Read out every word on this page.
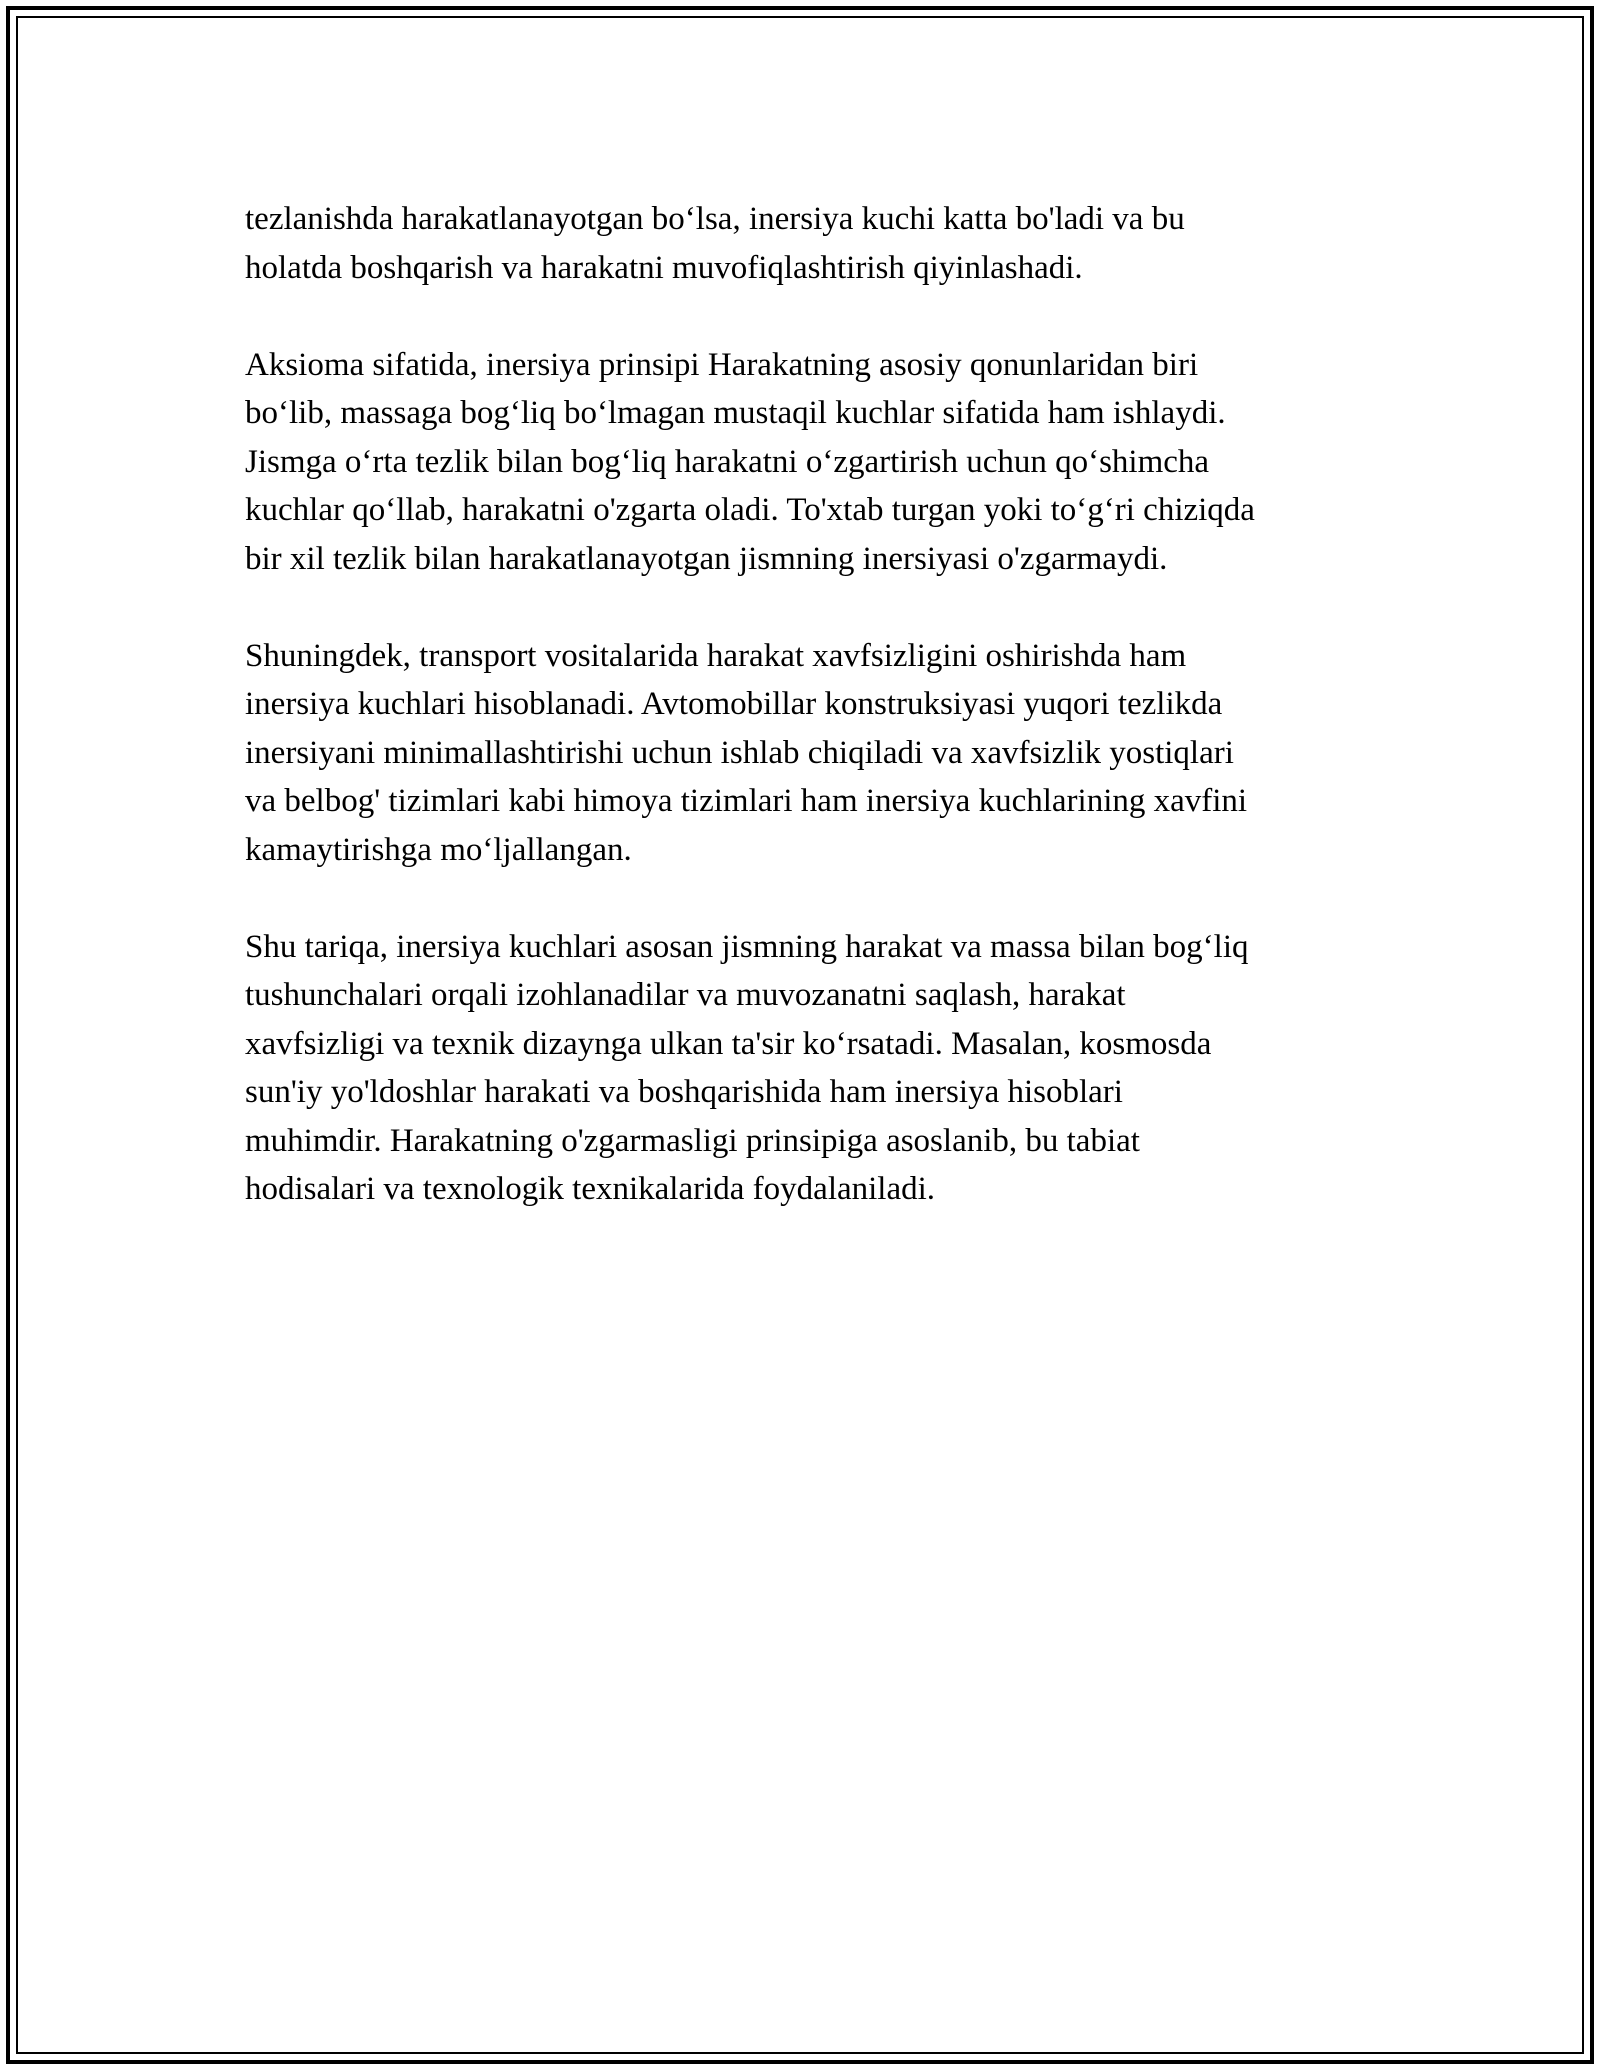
tezlanishda harakatlanayotgan bo‘lsa, inersiya kuchi katta bo'ladi va bu
holatda boshqarish va harakatni muvofiqlashtirish qiyinlashadi.

Aksioma sifatida, inersiya prinsipi Harakatning asosiy qonunlaridan biri
bo‘lib, massaga bog‘liq bo‘lmagan mustaqil kuchlar sifatida ham ishlaydi.
Jismga o‘rta tezlik bilan bog‘liq harakatni o‘zgartirish uchun qo‘shimcha
kuchlar qo‘llab, harakatni o'zgarta oladi. To'xtab turgan yoki to‘g‘ri chiziqda
bir xil tezlik bilan harakatlanayotgan jismning inersiyasi o'zgarmaydi.

Shuningdek, transport vositalarida harakat xavfsizligini oshirishda ham
inersiya kuchlari hisoblanadi. Avtomobillar konstruksiyasi yuqori tezlikda
inersiyani minimallashtirishi uchun ishlab chiqiladi va xavfsizlik yostiqlari
va belbog' tizimlari kabi himoya tizimlari ham inersiya kuchlarining xavfini
kamaytirishga mo‘ljallangan.

Shu tariqa, inersiya kuchlari asosan jismning harakat va massa bilan bog‘liq
tushunchalari orqali izohlanadilar va muvozanatni saqlash, harakat
xavfsizligi va texnik dizaynga ulkan ta'sir ko‘rsatadi. Masalan, kosmosda
sun'iy yo'ldoshlar harakati va boshqarishida ham inersiya hisoblari
muhimdir. Harakatning o'zgarmasligi prinsipiga asoslanib, bu tabiat
hodisalari va texnologik texnikalarida foydalaniladi.
